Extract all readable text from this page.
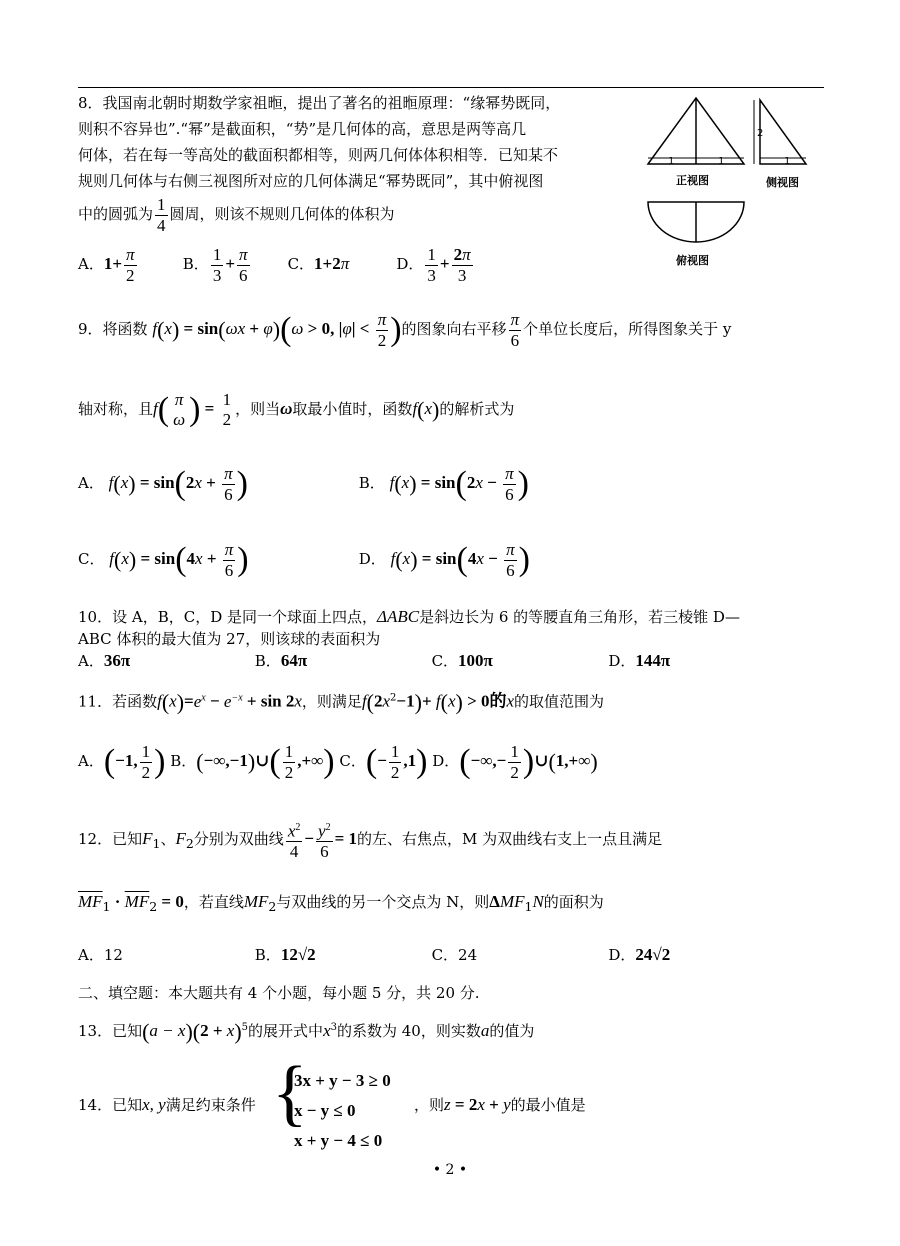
1	1
正视图
2
1
侧视图
俯视图
8．我国南北朝时期数学家祖暅，提出了著名的祖暅原理：“缘幂势既同，
则积不容异也”.“幂”是截面积，“势”是几何体的高，意思是两等高几
何体，若在每一等高处的截面积都相等，则两几何体体积相等．已知某不
规则几何体与右侧三视图所对应的几何体满足“幂势既同”，其中俯视图
中的圆弧为 $\frac{1}{4}$ 圆周，则该不规则几何体的体积为
A．$1+ \frac{\pi}{2}$	B． $\frac{1}{3} + \frac{\pi}{6}$	C．1+2π	D． $\frac{1}{3} + \frac{2\pi}{3}$
9．将函数 f(x) = sin(ωx + φ)(ω > 0, $|\varphi| < \frac{\pi}{2}$ )的图象向右平移 $\frac{\pi}{6}$ 个单位长度后，所得图象关于 y
轴对称，且f( π
ω ) = 1
2
，则当ω取最小值时，函数f(x)的解析式为
A． $f(x) = \sin(2x + \frac{\pi}{6}$ )	B． $f(x) = \sin(2x - \frac{\pi}{6}$ )
C． $f(x) = \sin(4x + \frac{\pi}{6}$ )	D． $f(x) = \sin(4x - \frac{\pi}{6}$ )
10．设 A，B，C，D 是同一个球面上四点，ΔABC是斜边长为 6 的等腰直角三角形，若三棱锥 D—
ABC 体积的最大值为 27，则该球的表面积为
A．36π	B．64π	C．100π	D．144π
11．若函数$f(x)=e^x - e^{-x} + \sin 2x$，则满足$f(2x^2-1)+ f(x) > 0$的x的取值范围为
A．(−1, $\frac{1}{2}$ ) B．(−∞,−1)∪( $\frac{1}{2}$ ,+∞) C．(− $\frac{1}{2} ,1$) D．(−∞,− $\frac{1}{2}$ )∪(1,+∞)
12．已知$F_1$、$F_2$分别为双曲线 $\frac{x^2}{4} - \frac{y^2}{6} = 1$的左、右焦点，M 为双曲线右支上一点且满足
$\overline{MF}_1 \cdot \overline{MF}_2 = 0$，若直线$MF_2$与双曲线的另一个交点为 N，则$\Delta MF_1N$的面积为
A．12	B．12√2	C．24	D．24√2
二、填空题：本大题共有 4 个小题，每小题 5 分，共 20 分.
13．已知$(a - x)(2 + x)^5$的展开式中$x^3$的系数为 40，则实数a的值为
14．已知x, y满足约束条件 {
3x + y − 3 ≥ 0
x − y ≤ 0
x + y − 4 ≤ 0
，则z = 2x + y的最小值是
• 2 •
